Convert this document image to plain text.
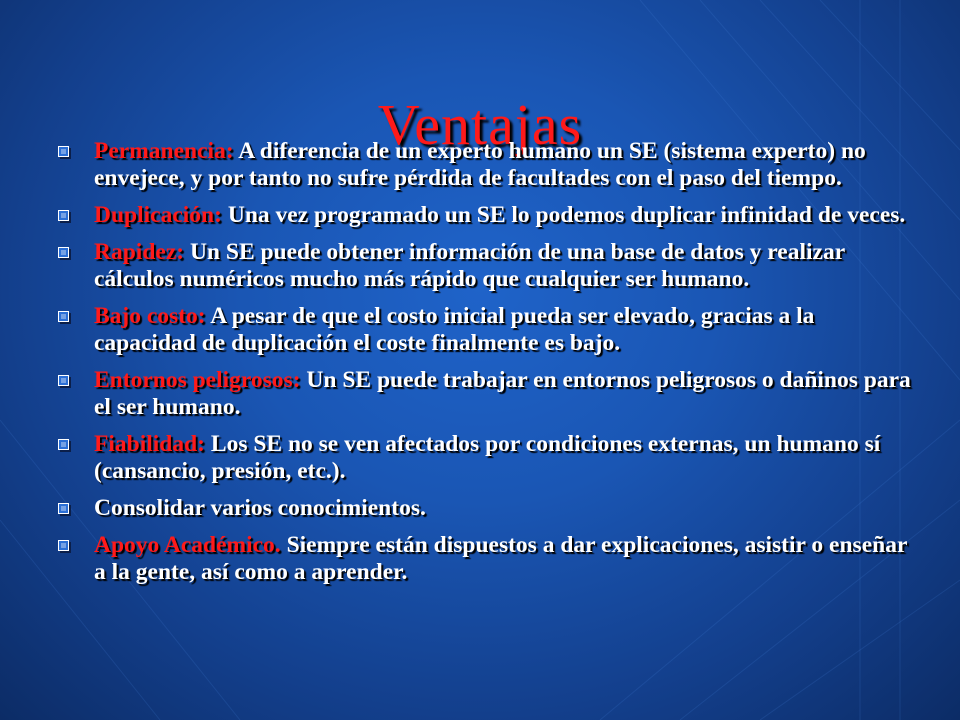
Ventajas
Permanencia: A diferencia de un experto humano un SE (sistema experto) no envejece, y por tanto no sufre pérdida de facultades con el paso del tiempo.
Duplicación: Una vez programado un SE lo podemos duplicar infinidad de veces.
Rapidez: Un SE puede obtener información de una base de datos y realizar cálculos numéricos mucho más rápido que cualquier ser humano.
Bajo costo: A pesar de que el costo inicial pueda ser elevado, gracias a la capacidad de duplicación el coste finalmente es bajo.
Entornos peligrosos: Un SE puede trabajar en entornos peligrosos o dañinos para el ser humano.
Fiabilidad: Los SE no se ven afectados por condiciones externas, un humano sí (cansancio, presión, etc.).
Consolidar varios conocimientos.
Apoyo Académico. Siempre están dispuestos a dar explicaciones, asistir o enseñar a la gente, así como a aprender.
